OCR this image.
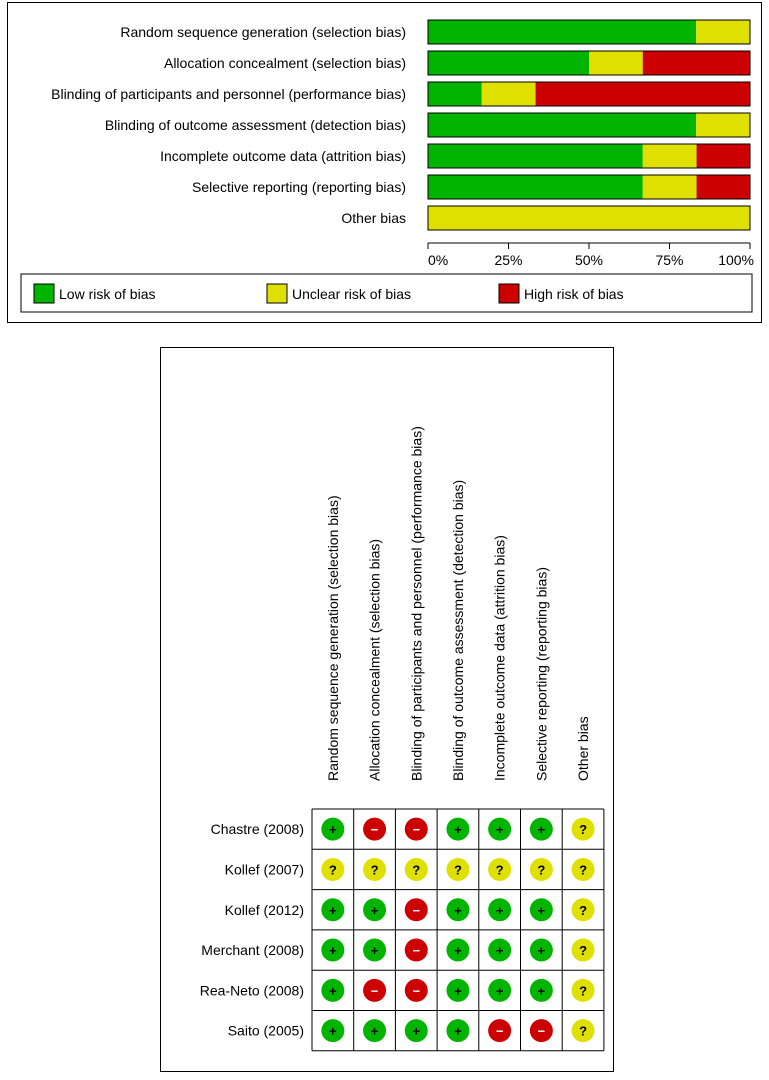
Random sequence generation (selection bias)
Allocation concealment (selection bias)
Blinding of participants and personnel (performance bias)
Blinding of outcome assessment (detection bias)
Incomplete outcome data (attrition bias)
Selective reporting (reporting bias)
Other bias
0%	25%	50%	75% 100%
Low risk of bias	Unclear risk of bias	High risk of bias
Random sequence generation (selection bias) Allocation concealment (selection bias) Blinding of participants and personnel (performance bias) Blinding of outcome assessment (detection bias) Incomplete outcome data (attrition bias) Selective reporting (reporting bias) Other bias
Chastre (2008) +	−	−	+	+	+	?
Kollef (2007) ?	?	?	?	?	?	?
Kollef (2012) +	+	−	+	+	+	?
Merchant (2008) +	+	−	+	+	+	?
Rea-Neto (2008) +	−	−	+	+	+	?
Saito (2005) +	+	+	+	−	−	?
